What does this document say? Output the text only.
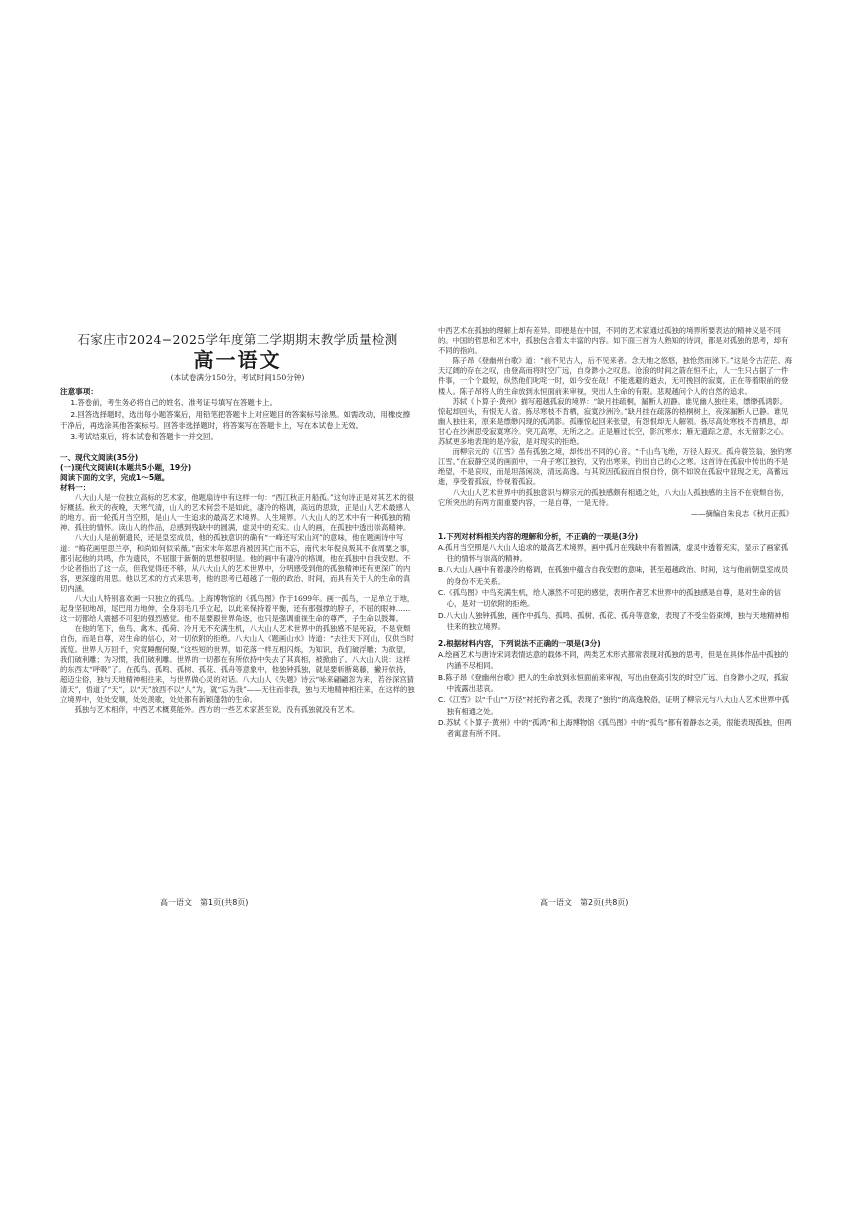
石家庄市2024−2025学年度第二学期期末教学质量检测
高一语文
(本试卷满分150分，考试时间150分钟)
注意事项：

1.答卷前，考生务必将自己的姓名、准考证号填写在答题卡上。

2.回答选择题时，选出每小题答案后，用铅笔把答题卡上对应题目的答案标号涂黑。如需改动，用橡皮擦干净后，再选涂其他答案标号。回答非选择题时，将答案写在答题卡上，写在本试卷上无效。

3.考试结束后，将本试卷和答题卡一并交回。

一、现代文阅读(35分)
(一)现代文阅读Ⅰ(本题共5小题，19分)
阅读下面的文字，完成1～5题。
材料一：

八大山人是一位独立高标的艺术家，他题扇诗中有这样一句：“西江秋正月船孤。”这句诗正是对其艺术的很好概括。秋天的夜晚，天寒气清，山人的艺术何尝不是如此，凄冷的格调，高远的思致，正是山人艺术最感人的地方。而一轮孤月当空照，是山人一生追求的最高艺术境界。人生境界。八大山人的艺术中有一种孤独的精神、孤往的情怀。读山人的作品，总感到残缺中的圆满，虚灵中的充实。山人的画，在孤独中透出崇高精神。

八大山人是前朝遗民，还是皇室成员，他的孤独意识的确有“一峰还写宋山河”的意味，他在题画诗中写道：“梅花画里思兰亭，和尚如何似采薇。”南宋末年郑思肖被因其亡而不忘，南代末年倪良叛其不食周粟之事，都引起他的共鸣，作为遗民，不屈服于新朝的思想很明显。他的画中有凄冷的格调，他在孤独中自我安慰。不少论者指出了这一点，但我觉得还不够，从八大山人的艺术世界中，分明感受到他的孤独精神还有更深广的内容，更深邃的用思。他以艺术的方式来思考，他的思考已超越了一般的政治、时间，而具有关于人的生命的真切内涵。

八大山人特别喜欢画一只独立的孤鸟。上海博物馆的《孤鸟图》作于1699年。画一孤鸟，一足单立于地，起身坚韧地昂，尾巴用力地伸，全身羽毛几乎立起，以此来保持着平衡，还有那强撑的脖子，不屈的眼神……这一切都给人震撼不可犯的强烈感觉。他不是要跟世界角逐，也只是强调重视生命的尊严，子生命以鼓舞。

在他的笔下，鱼鸟、禽木、孤荷、冷月无不充满生机，八大山人艺术世界中的孤独感不是死寂，不是衰颓自伤，而是自尊，对生命的信心，对一切依附的拒绝。八大山人《题画山水》诗道：“去往天下河山，仅供当时流览。世界人万回千，究竟睡醒何聚。”这些短的世界，如花落一样互相闪烁，为知识，我们破浮雕；为欲望，我们破利雕；为习惯，我们破利雕。世界的一切都在有所依持中失去了其真相，被掀曲了。八大山人说：这样的东西太“呼吸”了。在孤鸟、孤鸣、孤树、孤花、孤舟等意象中，他独钟孤独，就是要斩断葛藤，撇开依持，超迈尘俗，独与天地精神相往来，与世界做心灵的对话。八大山人《失题》诗云“咏来翩翩忽为来，若谷深宫猜清天”，悟道了“天”，以“天”放西不以“人”为，就“忘为我”——无往而非我，独与天地精神相往来，在这样的独立境界中，处处安顺，处处羡歌，处处都有新颖蓬勃的生命。

孤独与艺术相伴，中西艺术概莫能外。西方的一些艺术家甚至说，没有孤独就没有艺术。

高一语文　第1页(共8页)

中西艺术在孤独的理解上却有差异。即便是在中国，不同的艺术家通过孤独的境界所要表达的精神义是不同的。中国的哲思和艺术中，孤独包含着太丰富的内容。如下面三首为人熟知的诗词，都是对孤独的思考，却有不同的指向。

陈子昂《登幽州台歌》道：“前不见古人，后不见来者。念天地之悠悠，独怆然而涕下。”这是令古茫茫、海天辽阔的存在之叹，由登高而将时空广远，自身渺小之叹息。沧浪的时间之箭在恒不止，人一生只占据了一件件事，一个个最短，纵然他们叱咤一时，如今安在哉！不能逃避的逝去，无可挽回的寂寞，正在等着眼前的登楼人。陈子昂将人的生命放到永恒面前来审视，突出人生命的有限。悲观越问个人的自然的追求。

苏轼《卜算子·黄州》描写超越孤寂的境界：“缺月挂疏桐，漏断人初静。谁见幽人独往来，缥缈孤鸿影。惊起却回头，有恨无人省。拣尽寒枝不肯栖，寂寞沙洲冷。”缺月挂在疏落的梧桐树上，夜深漏断人已静。谁见幽人独往来，原来是缥缈闪现的孤鸿影。孤雁惊起回来张望，有怨恨却无人解领。拣尽高处寒枝不肯栖息，却甘心在沙洲思受寂寞寒冷。突兀高寒，无所之之。正是雁过长空，影沉寒水；雁无遗踪之意，水无留影之心。苏轼更多地表现的是冷寂，是对现实的拒绝。

而柳宗元的《江雪》虽有孤独之境，却传出不同的心音。“千山鸟飞绝，万径人踪灭。孤舟蓑笠翁，独钓寒江雪。”在寂静空灵的画面中，一舟子寒江独钓，又钓出寒来，钓出自己的心之寒。这首诗在孤寂中传出的不是绝望，不是哀叹，而是坦荡闲淡，清远高逸。与其说因孤寂而自恨自怜，倒不如说在孤寂中显现之无，高蓄远逝，享受着孤寂，怜视着孤寂。

八大山人艺术世界中的孤独意识与柳宗元的孤独感颇有相通之处，八大山人孤独感的主旨不在衰颓自伤，它所突出的有两方面重要内容，一是自尊，一是无待。

——摘编自朱良志《秋月正孤》
1.下列对材料相关内容的理解和分析，不正确的一项是(3分)

A.孤月当空照是八大山人追求的最高艺术境界，画中孤月在残缺中有着圆满，虚灵中透着充实，显示了画家孤往的情怀与崇高的精神。

B.八大山人画中有着凄冷的格调，在孤独中蕴含自我安慰的意味，甚至超越政治、时间，这与他前朝皇室成员的身份不无关系。

C.《孤鸟图》中鸟充满生机，给人凛然不可犯的感觉，表明作者艺术世界中的孤独感是自尊，是对生命的信心，是对一切依附的拒绝。

D.八大山人独钟孤独，画作中孤鸟、孤鸣、孤树、孤花、孤舟等意象，表现了不受尘俗束缚，独与天地精神相往来的独立境界。

2.根据材料内容，下列说法不正确的一项是(3分)

A.绘画艺术与唐诗宋词表情达意的载体不同，两类艺术形式都常表现对孤独的思考，但是在具体作品中孤独的内涵不尽相同。

B.陈子昂《登幽州台歌》把人的生命放到永恒面前来审视，写出由登高引发的时空广远、自身渺小之叹，孤寂中流露出悲哀。

C.《江雪》以“千山”“万径”衬托钓者之孤，表现了“独钓”的高逸脱俗，证明了柳宗元与八大山人艺术世界中孤独有相通之处。

D.苏轼《卜算子·黄州》中的“孤鸿”和上海博物馆《孤鸟图》中的“孤鸟”都有着静态之美，很能表现孤独，但两者寓意有所不同。

高一语文　第2页(共8页)
